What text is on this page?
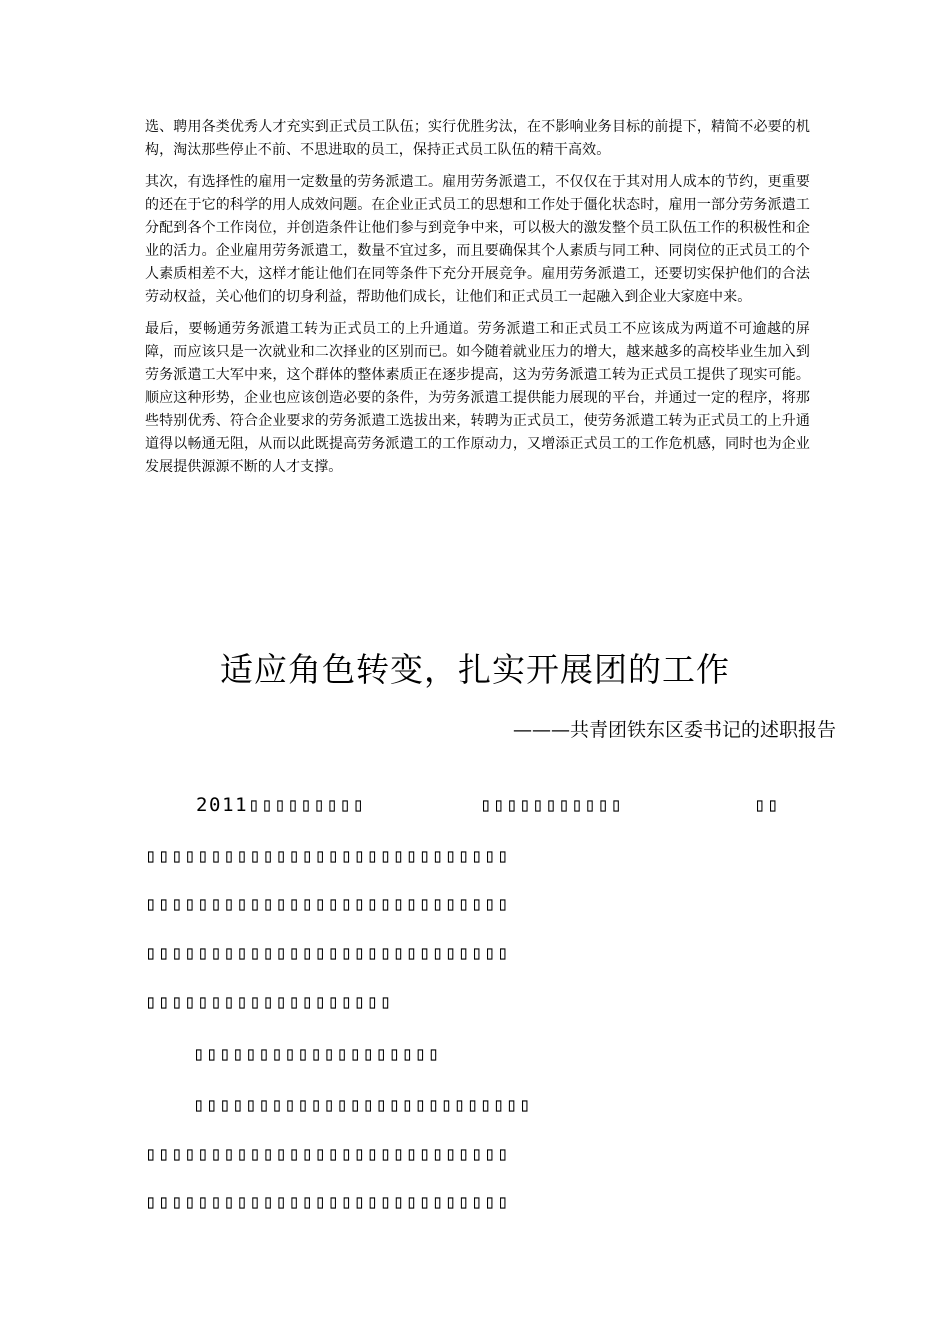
选、聘用各类优秀人才充实到正式员工队伍；实行优胜劣汰，在不影响业务目标的前提下，精简不必要的机构，淘汰那些停止不前、不思进取的员工，保持正式员工队伍的精干高效。

其次，有选择性的雇用一定数量的劳务派遣工。雇用劳务派遣工，不仅仅在于其对用人成本的节约，更重要的还在于它的科学的用人成效问题。在企业正式员工的思想和工作处于僵化状态时，雇用一部分劳务派遣工分配到各个工作岗位，并创造条件让他们参与到竞争中来，可以极大的激发整个员工队伍工作的积极性和企业的活力。企业雇用劳务派遣工，数量不宜过多，而且要确保其个人素质与同工种、同岗位的正式员工的个人素质相差不大，这样才能让他们在同等条件下充分开展竞争。雇用劳务派遣工，还要切实保护他们的合法劳动权益，关心他们的切身利益，帮助他们成长，让他们和正式员工一起融入到企业大家庭中来。

最后，要畅通劳务派遣工转为正式员工的上升通道。劳务派遣工和正式员工不应该成为两道不可逾越的屏障，而应该只是一次就业和二次择业的区别而已。如今随着就业压力的增大，越来越多的高校毕业生加入到劳务派遣工大军中来，这个群体的整体素质正在逐步提高，这为劳务派遣工转为正式员工提供了现实可能。顺应这种形势，企业也应该创造必要的条件，为劳务派遣工提供能力展现的平台，并通过一定的程序，将那些特别优秀、符合企业要求的劳务派遣工选拔出来，转聘为正式员工，使劳务派遣工转为正式员工的上升通道得以畅通无阻，从而以此既提高劳务派遣工的工作原动力，又增添正式员工的工作危机感，同时也为企业发展提供源源不断的人才支撑。

适应角色转变，扎实开展团的工作
———共青团铁东区委书记的述职报告
2011▯▯▯▯▯▯▯▯▯	▯▯▯▯▯▯▯▯▯▯▯	▯▯
▯▯▯▯▯▯▯▯▯▯▯▯▯▯▯▯▯▯▯▯▯▯▯▯▯▯▯▯
▯▯▯▯▯▯▯▯▯▯▯▯▯▯▯▯▯▯▯▯▯▯▯▯▯▯▯▯
▯▯▯▯▯▯▯▯▯▯▯▯▯▯▯▯▯▯▯▯▯▯▯▯▯▯▯▯
▯▯▯▯▯▯▯▯▯▯▯▯▯▯▯▯▯▯▯
▯▯▯▯▯▯▯▯▯▯▯▯▯▯▯▯▯▯▯
▯▯▯▯▯▯▯▯▯▯▯▯▯▯▯▯▯▯▯▯▯▯▯▯▯▯
▯▯▯▯▯▯▯▯▯▯▯▯▯▯▯▯▯▯▯▯▯▯▯▯▯▯▯▯
▯▯▯▯▯▯▯▯▯▯▯▯▯▯▯▯▯▯▯▯▯▯▯▯▯▯▯▯
